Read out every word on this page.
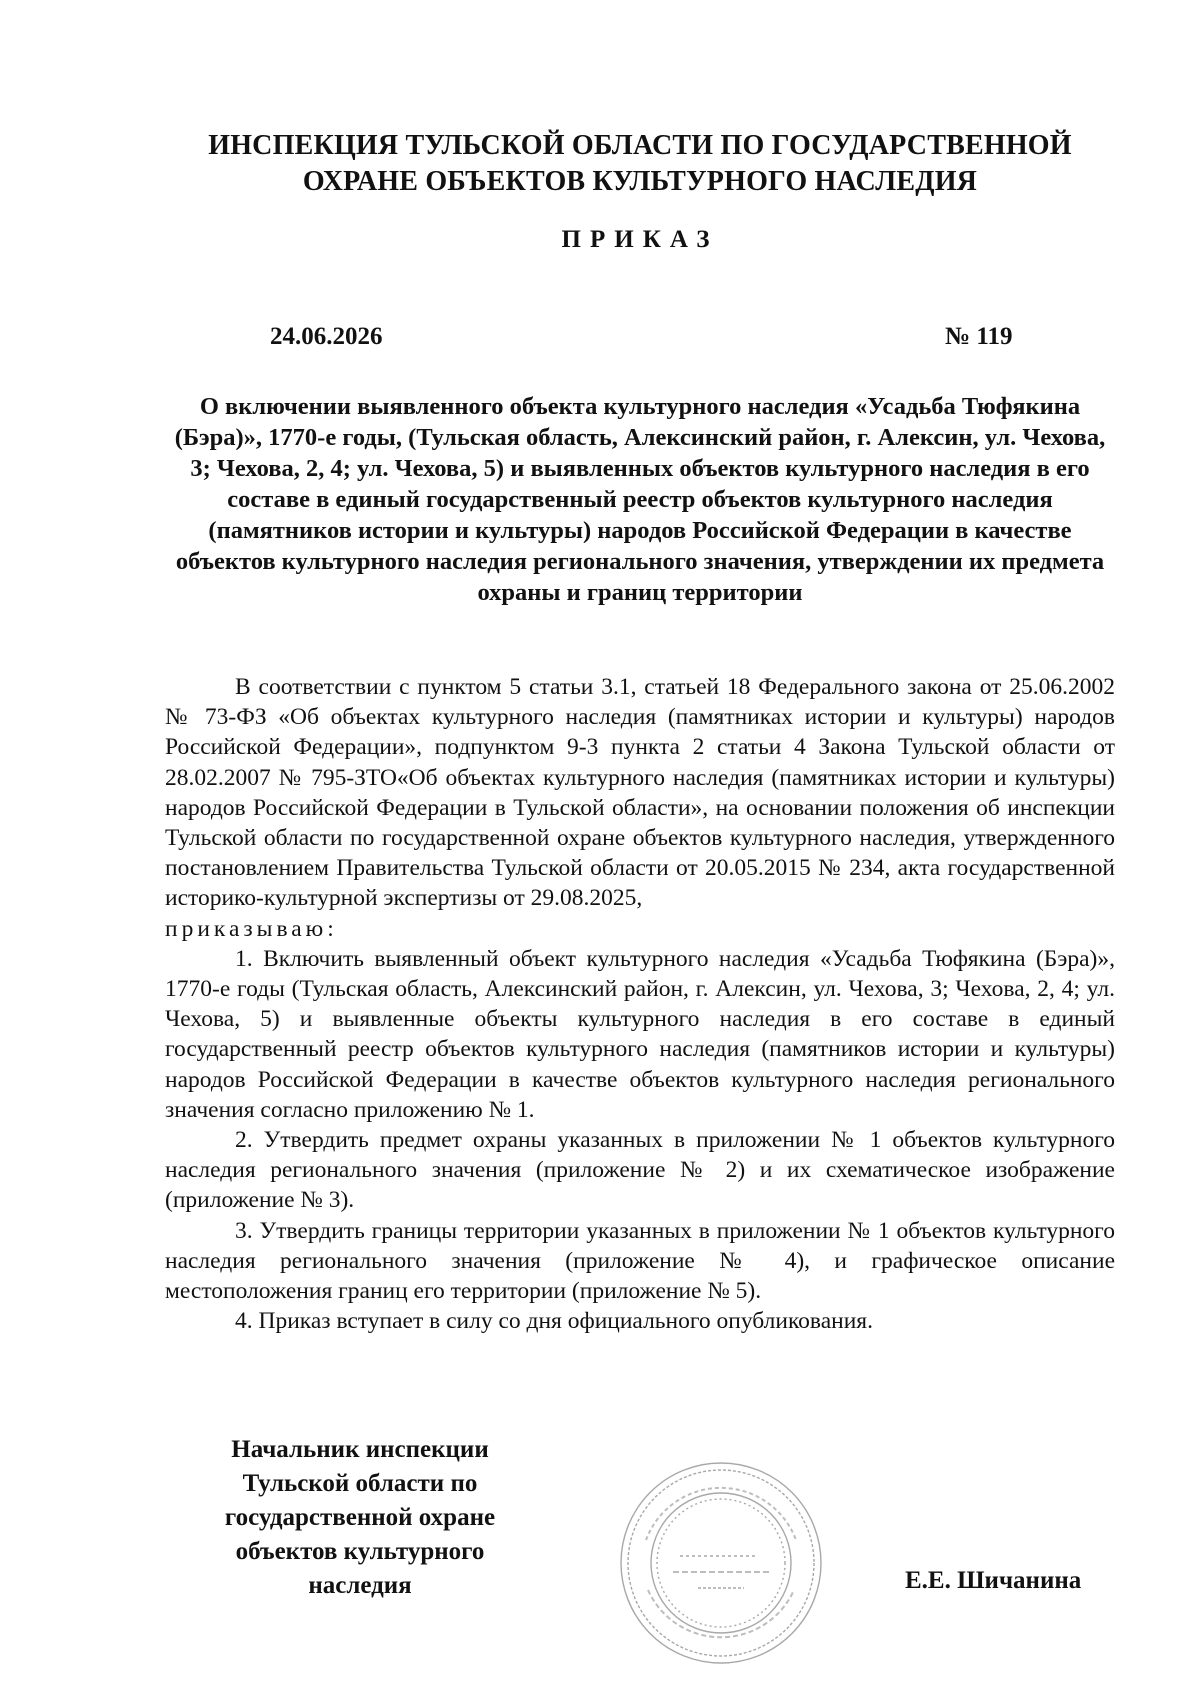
ИНСПЕКЦИЯ ТУЛЬСКОЙ ОБЛАСТИ ПО ГОСУДАРСТВЕННОЙ
ОХРАНЕ ОБЪЕКТОВ КУЛЬТУРНОГО НАСЛЕДИЯ
ПРИКАЗ
24.06.2026	№ 119
О включении выявленного объекта культурного наследия «Усадьба Тюфякина (Бэра)», 1770-е годы, (Тульская область, Алексинский район, г. Алексин, ул. Чехова, 3; Чехова, 2, 4; ул. Чехова, 5) и выявленных объектов культурного наследия в его составе в единый государственный реестр объектов культурного наследия (памятников истории и культуры) народов Российской Федерации в качестве объектов культурного наследия регионального значения, утверждении их предмета охраны и границ территории

В соответствии с пунктом 5 статьи 3.1, статьей 18 Федерального закона от 25.06.2002 № 73-ФЗ «Об объектах культурного наследия (памятниках истории и культуры) народов Российской Федерации», подпунктом 9-3 пункта 2 статьи 4 Закона Тульской области от 28.02.2007 № 795-ЗТО«Об объектах культурного наследия (памятниках истории и культуры) народов Российской Федерации в Тульской области», на основании положения об инспекции Тульской области по государственной охране объектов культурного наследия, утвержденного постановлением Правительства Тульской области от 20.05.2015 № 234, акта государственной историко-культурной экспертизы от 29.08.2025,

приказываю:

1. Включить выявленный объект культурного наследия «Усадьба Тюфякина (Бэра)», 1770-е годы (Тульская область, Алексинский район, г. Алексин, ул. Чехова, 3; Чехова, 2, 4; ул. Чехова, 5) и выявленные объекты культурного наследия в его составе в единый государственный реестр объектов культурного наследия (памятников истории и культуры) народов Российской Федерации в качестве объектов культурного наследия регионального значения согласно приложению № 1.

2. Утвердить предмет охраны указанных в приложении № 1 объектов культурного наследия регионального значения (приложение № 2) и их схематическое изображение (приложение № 3).

3. Утвердить границы территории указанных в приложении № 1 объектов культурного наследия регионального значения (приложение № 4), и графическое описание местоположения границ его территории (приложение № 5).

4. Приказ вступает в силу со дня официального опубликования.

Начальник инспекции
Тульской области по
государственной охране
объектов культурного
наследия	Е.Е. Шичанина
